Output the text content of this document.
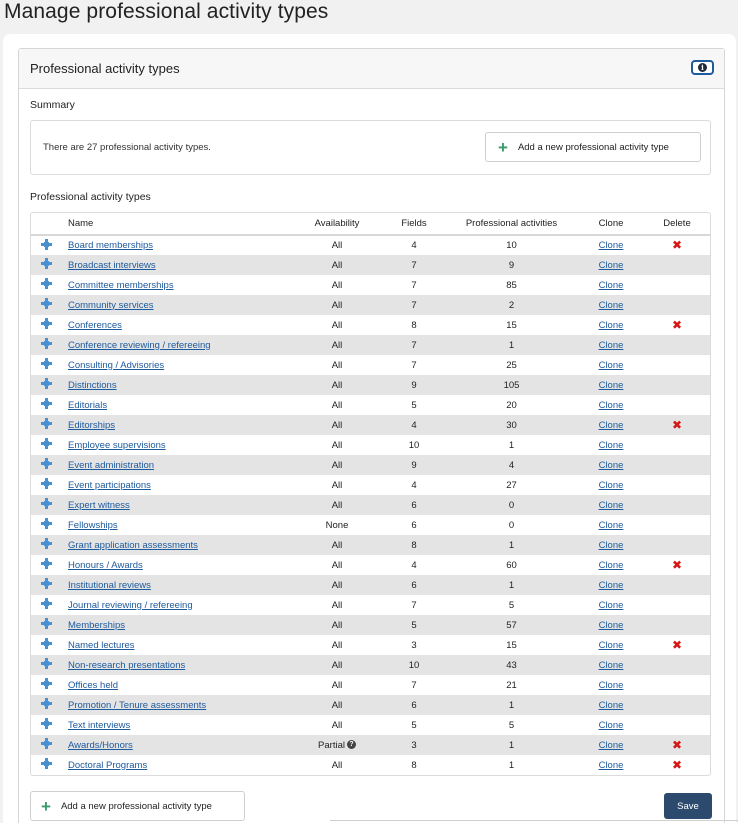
Manage professional activity types
Professional activity types	i
Summary
There are 27 professional activity types.	+ Add a new professional activity type
Professional activity types
	Name	Availability	Fields	Professional activities	Clone	Delete

	Board memberships	All	4	10	Clone	✖

	Broadcast interviews	All	7	9	Clone	

	Committee memberships	All	7	85	Clone	

	Community services	All	7	2	Clone	

	Conferences	All	8	15	Clone	✖

	Conference reviewing / refereeing	All	7	1	Clone	

	Consulting / Advisories	All	7	25	Clone	

	Distinctions	All	9	105	Clone	

	Editorials	All	5	20	Clone	

	Editorships	All	4	30	Clone	✖

	Employee supervisions	All	10	1	Clone	

	Event administration	All	9	4	Clone	

	Event participations	All	4	27	Clone	

	Expert witness	All	6	0	Clone	

	Fellowships	None	6	0	Clone	

	Grant application assessments	All	8	1	Clone	

	Honours / Awards	All	4	60	Clone	✖

	Institutional reviews	All	6	1	Clone	

	Journal reviewing / refereeing	All	7	5	Clone	

	Memberships	All	5	57	Clone	

	Named lectures	All	3	15	Clone	✖

	Non-research presentations	All	10	43	Clone	

	Offices held	All	7	21	Clone	

	Promotion / Tenure assessments	All	6	1	Clone	

	Text interviews	All	5	5	Clone	

	Awards/Honors	Partial ?	3	1	Clone	✖

	Doctoral Programs	All	8	1	Clone	✖
+ Add a new professional activity type	Save
